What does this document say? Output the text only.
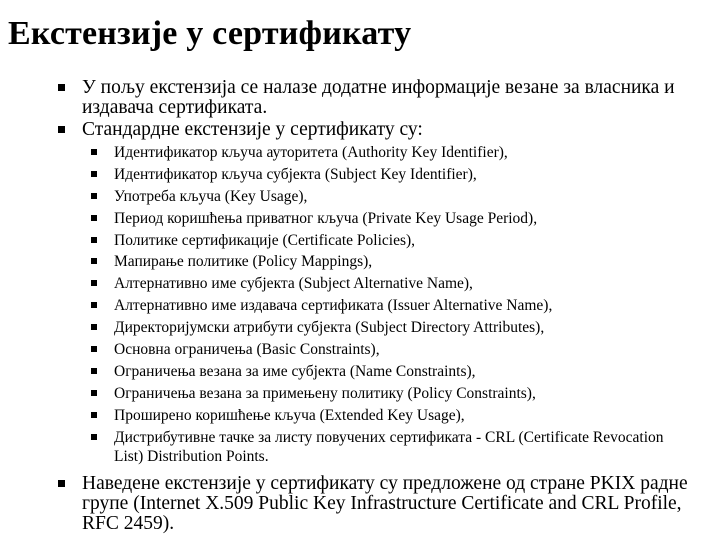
Екстензије у сертификату
У пољу екстензија се налазе додатне информације везане за власника и издавача сертификата.
Стандардне екстензије у сертификату су:
Идентификатор кључа ауторитета (Authority Key Identifier),
Идентификатор кључа субјекта (Subject Key Identifier),
Употреба кључа (Key Usage),
Период коришћења приватног кључа (Private Key Usage Period),
Политике сертификације (Certificate Policies),
Мапирање политике (Policy Mappings),
Алтернативно име субјекта (Subject Alternative Name),
Алтернативно име издавача сертификата (Issuer Alternative Name),
Директоријумски атрибути субјекта (Subject Directory Attributes),
Основна ограничења (Basic Constraints),
Ограничења везана за име субјекта (Name Constraints),
Ограничења везана за примењену политику (Policy Constraints),
Проширено коришћење кључа (Extended Key Usage),
Дистрибутивне тачке за листу повучених сертификата - CRL (Certificate Revocation List) Distribution Points.
Наведене екстензије у сертификату су предложене од стране PKIX радне групе (Internet X.509 Public Key Infrastructure Certificate and CRL Profile, RFC 2459).
